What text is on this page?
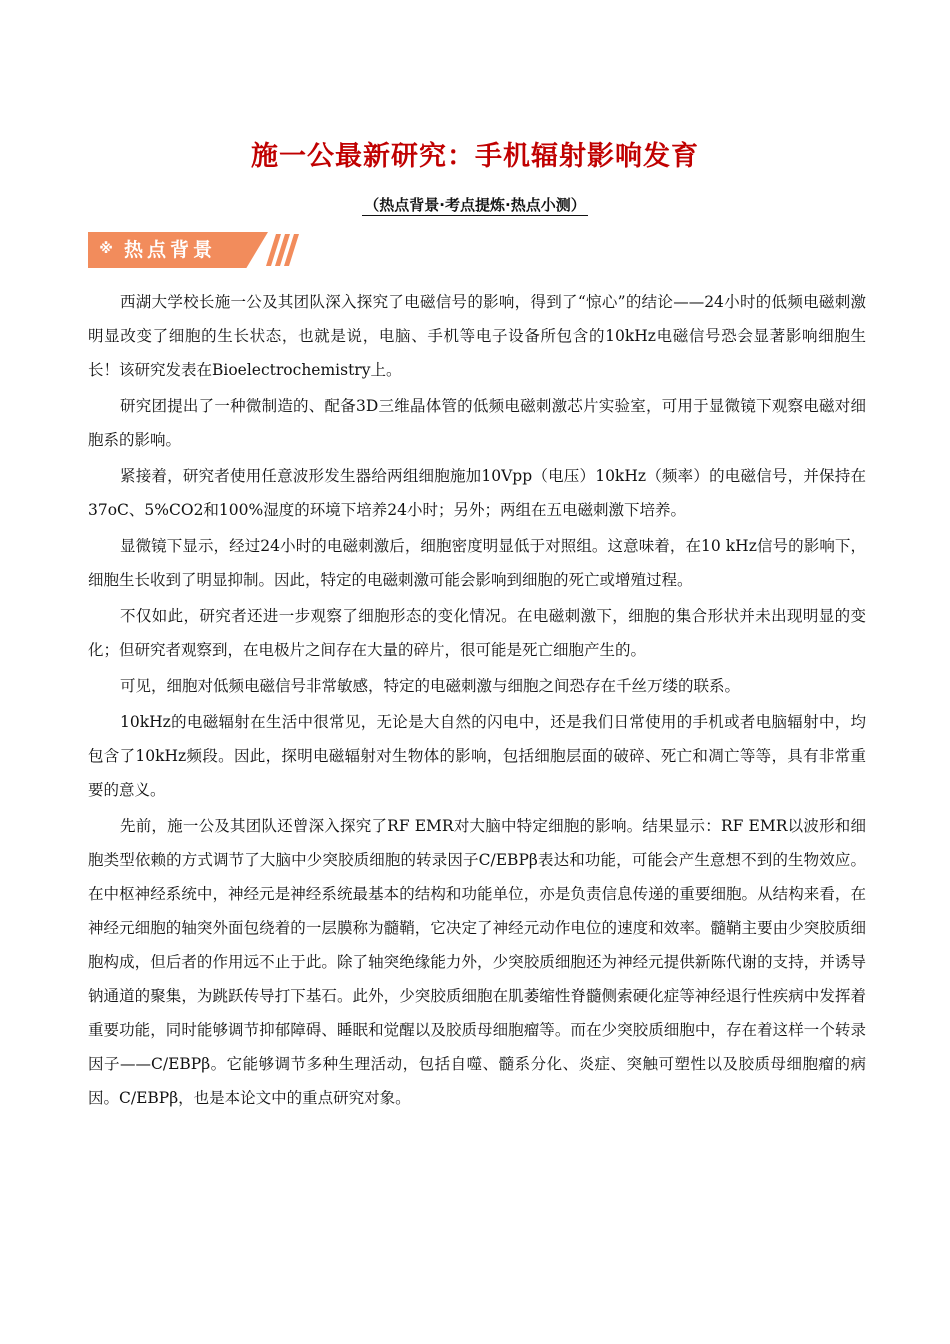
施一公最新研究：手机辐射影响发育
（热点背景·考点提炼·热点小测）
※ 热点背景

西湖大学校长施一公及其团队深入探究了电磁信号的影响，得到了“惊心”的结论——24小时的低频电磁刺激明显改变了细胞的生长状态，也就是说，电脑、手机等电子设备所包含的10kHz电磁信号恐会显著影响细胞生长！该研究发表在Bioelectrochemistry上。

研究团提出了一种微制造的、配备3D三维晶体管的低频电磁刺激芯片实验室，可用于显微镜下观察电磁对细胞系的影响。

紧接着，研究者使用任意波形发生器给两组细胞施加10Vpp（电压）10kHz（频率）的电磁信号，并保持在37oC、5%CO2和100%湿度的环境下培养24小时；另外；两组在五电磁刺激下培养。

显微镜下显示，经过24小时的电磁刺激后，细胞密度明显低于对照组。这意味着，在10 kHz信号的影响下，细胞生长收到了明显抑制。因此，特定的电磁刺激可能会影响到细胞的死亡或增殖过程。

不仅如此，研究者还进一步观察了细胞形态的变化情况。在电磁刺激下，细胞的集合形状并未出现明显的变化；但研究者观察到，在电极片之间存在大量的碎片，很可能是死亡细胞产生的。

可见，细胞对低频电磁信号非常敏感，特定的电磁刺激与细胞之间恐存在千丝万缕的联系。

10kHz的电磁辐射在生活中很常见，无论是大自然的闪电中，还是我们日常使用的手机或者电脑辐射中，均包含了10kHz频段。因此，探明电磁辐射对生物体的影响，包括细胞层面的破碎、死亡和凋亡等等，具有非常重要的意义。

先前，施一公及其团队还曾深入探究了RF EMR对大脑中特定细胞的影响。结果显示：RF EMR以波形和细胞类型依赖的方式调节了大脑中少突胶质细胞的转录因子C/EBPβ表达和功能，可能会产生意想不到的生物效应。在中枢神经系统中，神经元是神经系统最基本的结构和功能单位，亦是负责信息传递的重要细胞。从结构来看，在神经元细胞的轴突外面包绕着的一层膜称为髓鞘，它决定了神经元动作电位的速度和效率。髓鞘主要由少突胶质细胞构成，但后者的作用远不止于此。除了轴突绝缘能力外，少突胶质细胞还为神经元提供新陈代谢的支持，并诱导钠通道的聚集，为跳跃传导打下基石。此外，少突胶质细胞在肌萎缩性脊髓侧索硬化症等神经退行性疾病中发挥着重要功能，同时能够调节抑郁障碍、睡眠和觉醒以及胶质母细胞瘤等。而在少突胶质细胞中，存在着这样一个转录因子——C/EBPβ。它能够调节多种生理活动，包括自噬、髓系分化、炎症、突触可塑性以及胶质母细胞瘤的病因。C/EBPβ，也是本论文中的重点研究对象。
